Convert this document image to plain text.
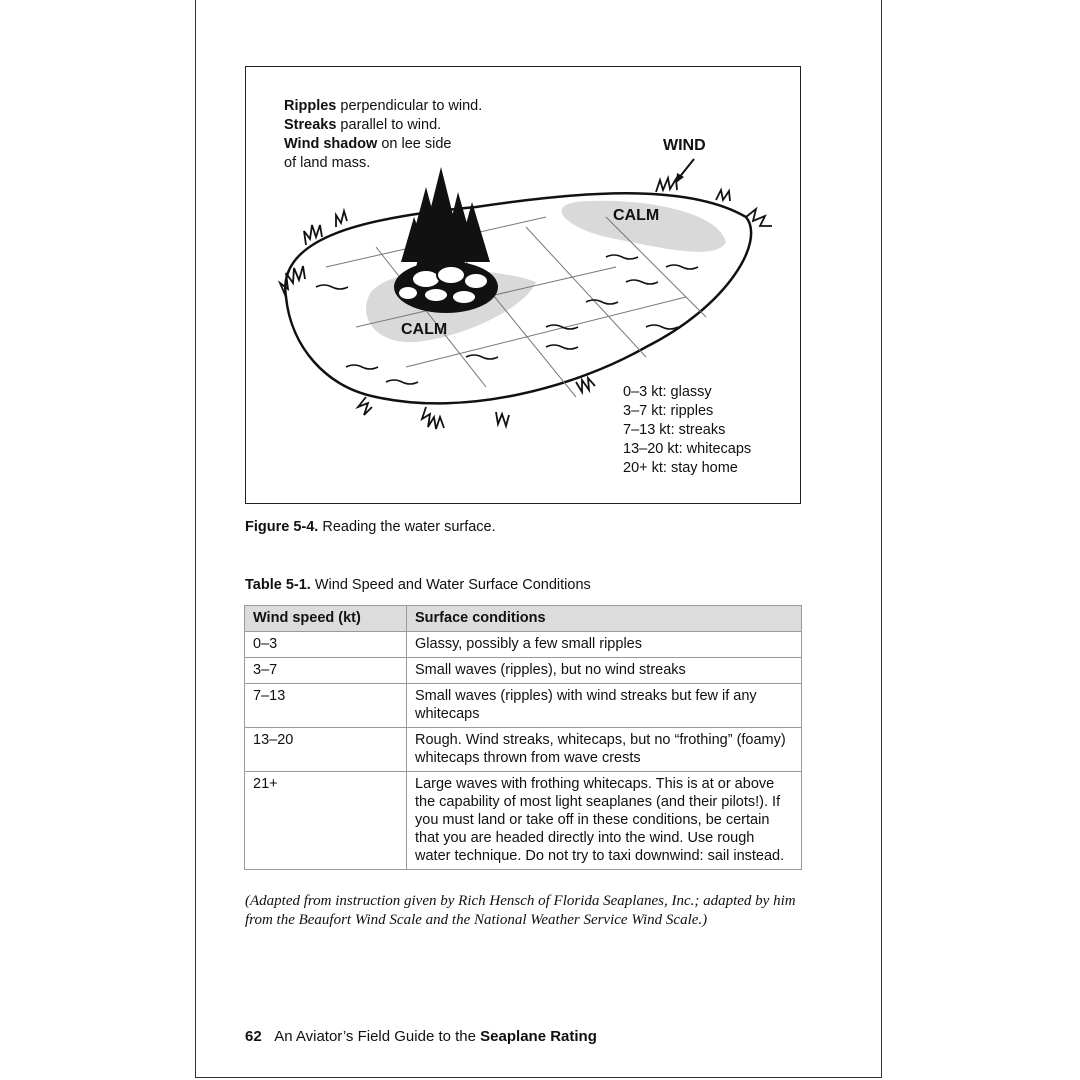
Ripples perpendicular to wind.
Streaks parallel to wind.
Wind shadow on lee side
of land mass.
WIND
CALM
CALM
0–3 kt: glassy
3–7 kt: ripples
7–13 kt: streaks
13–20 kt: whitecaps
20+ kt: stay home
Figure 5-4. Reading the water surface.
Table 5-1. Wind Speed and Water Surface Conditions
Wind speed (kt)	Surface conditions
0–3	Glassy, possibly a few small ripples
3–7	Small waves (ripples), but no wind streaks
7–13	Small waves (ripples) with wind streaks but few if any whitecaps
13–20	Rough. Wind streaks, whitecaps, but no “frothing” (foamy) whitecaps thrown from wave crests
21+	Large waves with frothing whitecaps. This is at or above the capability of most light seaplanes (and their pilots!). If you must land or take off in these conditions, be certain that you are headed directly into the wind. Use rough water technique. Do not try to taxi downwind: sail instead.
(Adapted from instruction given by Rich Hensch of Florida Seaplanes, Inc.; adapted by him from the Beaufort Wind Scale and the National Weather Service Wind Scale.)
62 An Aviator’s Field Guide to the Seaplane Rating
